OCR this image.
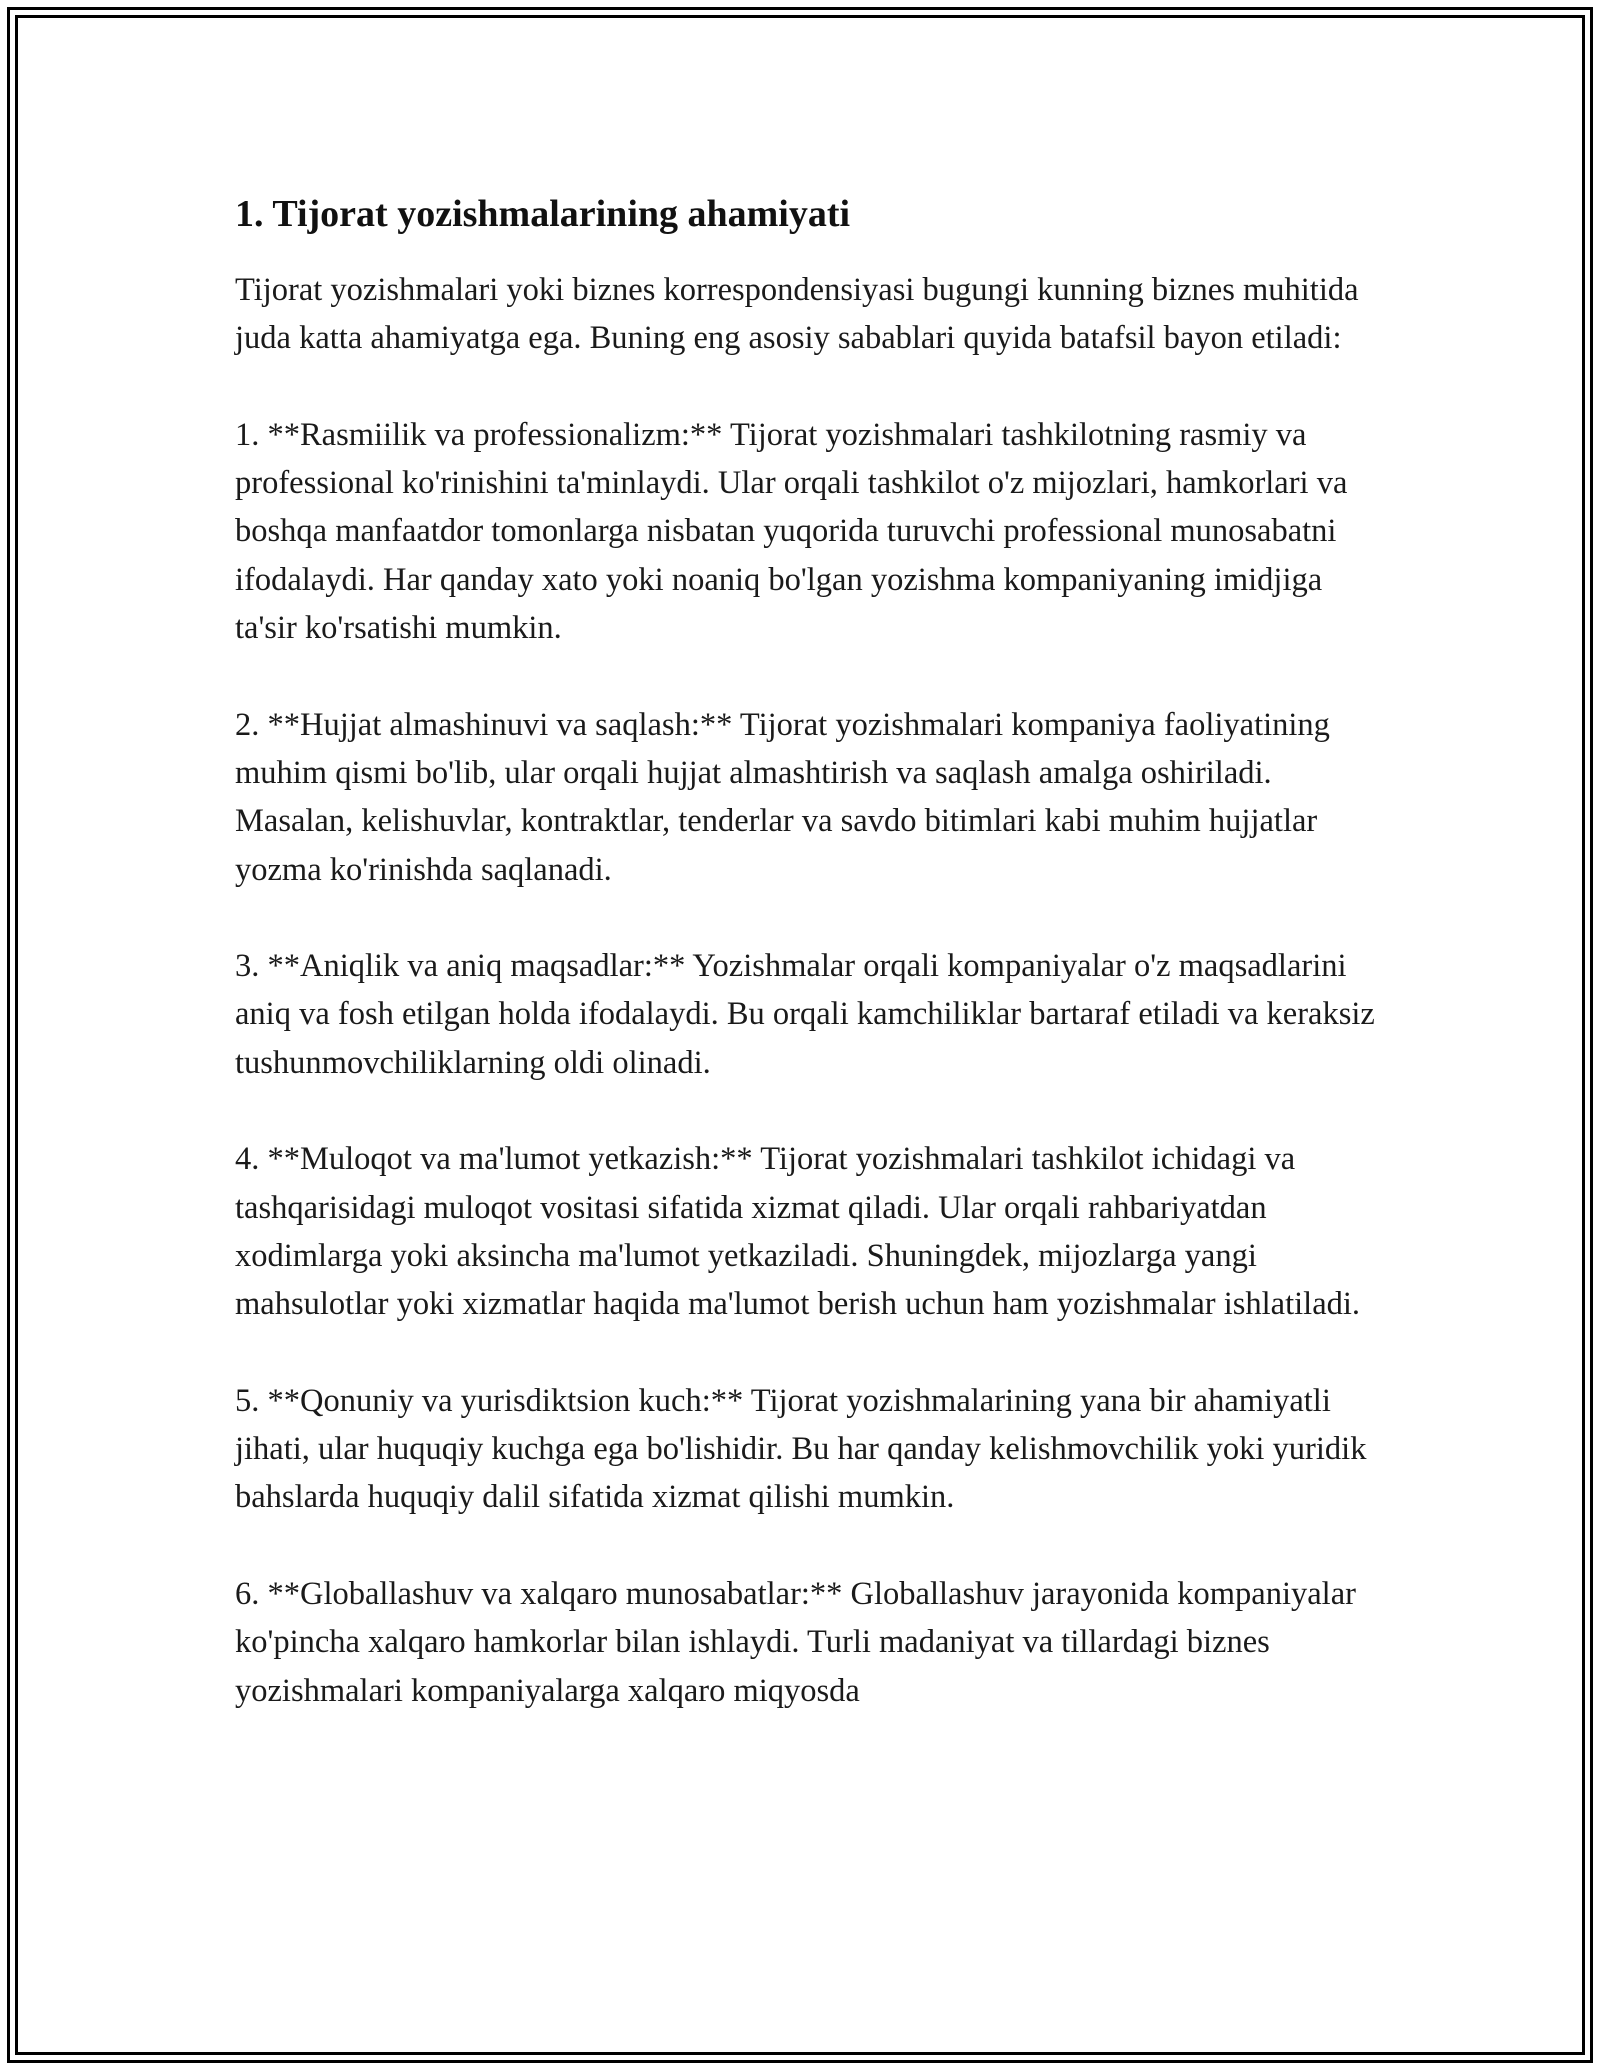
1. Tijorat yozishmalarining ahamiyati

Tijorat yozishmalari yoki biznes korrespondensiyasi bugungi kunning biznes muhitida juda katta ahamiyatga ega. Buning eng asosiy sabablari quyida batafsil bayon etiladi:

1. **Rasmiilik va professionalizm:** Tijorat yozishmalari tashkilotning rasmiy va professional ko'rinishini ta'minlaydi. Ular orqali tashkilot o'z mijozlari, hamkorlari va boshqa manfaatdor tomonlarga nisbatan yuqorida turuvchi professional munosabatni ifodalaydi. Har qanday xato yoki noaniq bo'lgan yozishma kompaniyaning imidjiga ta'sir ko'rsatishi mumkin.

2. **Hujjat almashinuvi va saqlash:** Tijorat yozishmalari kompaniya faoliyatining muhim qismi bo'lib, ular orqali hujjat almashtirish va saqlash amalga oshiriladi. Masalan, kelishuvlar, kontraktlar, tenderlar va savdo bitimlari kabi muhim hujjatlar yozma ko'rinishda saqlanadi.

3. **Aniqlik va aniq maqsadlar:** Yozishmalar orqali kompaniyalar o'z maqsadlarini aniq va fosh etilgan holda ifodalaydi. Bu orqali kamchiliklar bartaraf etiladi va keraksiz tushunmovchiliklarning oldi olinadi.

4. **Muloqot va ma'lumot yetkazish:** Tijorat yozishmalari tashkilot ichidagi va tashqarisidagi muloqot vositasi sifatida xizmat qiladi. Ular orqali rahbariyatdan xodimlarga yoki aksincha ma'lumot yetkaziladi. Shuningdek, mijozlarga yangi mahsulotlar yoki xizmatlar haqida ma'lumot berish uchun ham yozishmalar ishlatiladi.

5. **Qonuniy va yurisdiktsion kuch:** Tijorat yozishmalarining yana bir ahamiyatli jihati, ular huquqiy kuchga ega bo'lishidir. Bu har qanday kelishmovchilik yoki yuridik bahslarda huquqiy dalil sifatida xizmat qilishi mumkin.

6. **Globallashuv va xalqaro munosabatlar:** Globallashuv jarayonida kompaniyalar ko'pincha xalqaro hamkorlar bilan ishlaydi. Turli madaniyat va tillardagi biznes yozishmalari kompaniyalarga xalqaro miqyosda
